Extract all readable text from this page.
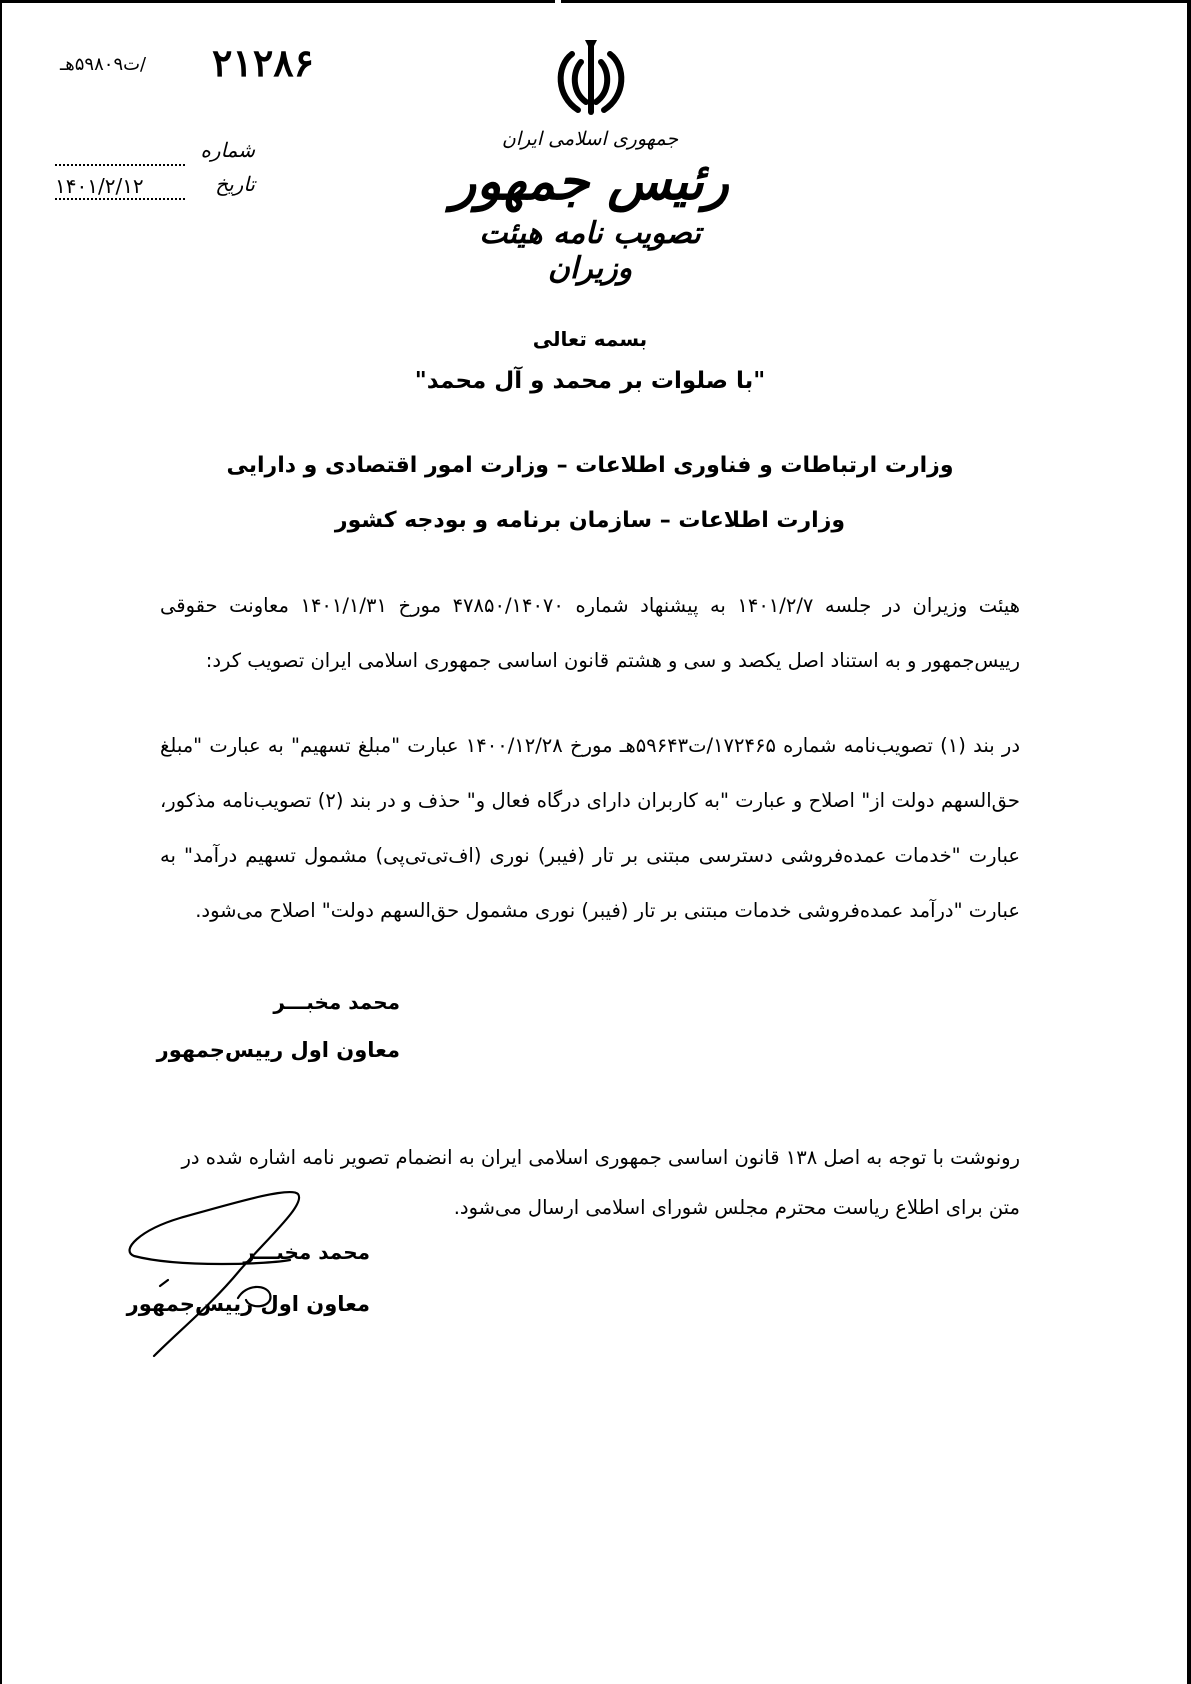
/ت۵۹۸۰۹هـ ۲۱۲۸۶
شماره
تاریخ
۱۴۰۱/۲/۱۲
جمهوری اسلامی ایران
رئیس جمهور
تصویب نامه هیئت وزیران
بسمه تعالی
"با صلوات بر محمد و آل محمد"
وزارت ارتباطات و فناوری اطلاعات – وزارت امور اقتصادی و دارایی
وزارت اطلاعات – سازمان برنامه و بودجه کشور
هیئت وزیران در جلسه ۱۴۰۱/۲/۷ به پیشنهاد شماره ۴۷۸۵۰/۱۴۰۷۰ مورخ ۱۴۰۱/۱/۳۱ معاونت حقوقی رییس‌جمهور و به استناد اصل یکصد و سی و هشتم قانون اساسی جمهوری اسلامی ایران تصویب کرد:
در بند (۱) تصویب‌نامه شماره ۱۷۲۴۶۵/ت۵۹۶۴۳هـ مورخ ۱۴۰۰/۱۲/۲۸ عبارت "مبلغ تسهیم" به عبارت "مبلغ حق‌السهم دولت از" اصلاح و عبارت "به کاربران دارای درگاه فعال و" حذف و در بند (۲) تصویب‌نامه مذکور، عبارت "خدمات عمده‌فروشی دسترسی مبتنی بر تار (فیبر) نوری (اف‌تی‌تی‌پی) مشمول تسهیم درآمد" به عبارت "درآمد عمده‌فروشی خدمات مبتنی بر تار (فیبر) نوری مشمول حق‌السهم دولت" اصلاح می‌شود.
محمد مخبـــر
معاون اول رییس‌جمهور
رونوشت با توجه به اصل ۱۳۸ قانون اساسی جمهوری اسلامی ایران به انضمام تصویر نامه اشاره شده در متن برای اطلاع ریاست محترم مجلس شورای اسلامی ارسال می‌شود.
محمد مخبـــر
معاون اول رییس‌جمهور
